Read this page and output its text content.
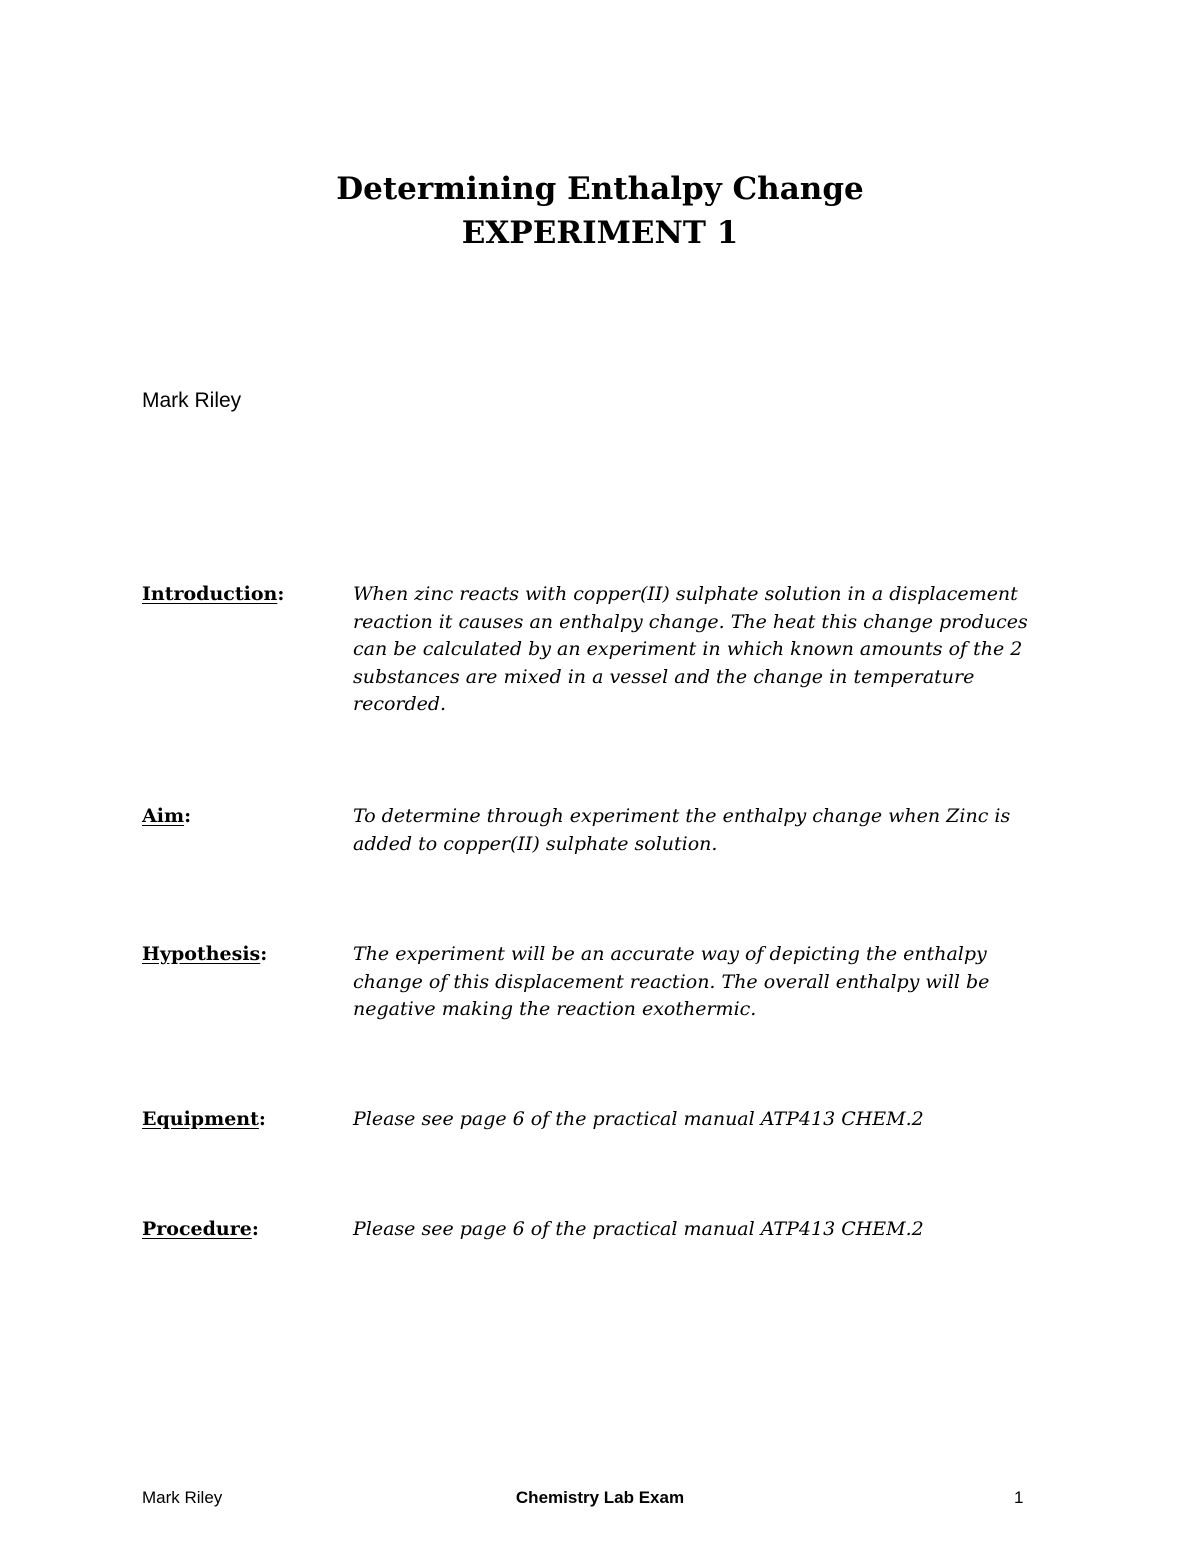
Determining Enthalpy Change
EXPERIMENT 1
Mark Riley
Introduction:	When zinc reacts with copper(II) sulphate solution in a displacement reaction it causes an enthalpy change. The heat this change produces can be calculated by an experiment in which known amounts of the 2 substances are mixed in a vessel and the change in temperature recorded.
Aim:	To determine through experiment the enthalpy change when Zinc is added to copper(II) sulphate solution.
Hypothesis:	The experiment will be an accurate way of depicting the enthalpy change of this displacement reaction. The overall enthalpy will be negative making the reaction exothermic.
Equipment:	Please see page 6 of the practical manual ATP413 CHEM.2
Procedure:	Please see page 6 of the practical manual ATP413 CHEM.2
Mark Riley	Chemistry Lab Exam	1
